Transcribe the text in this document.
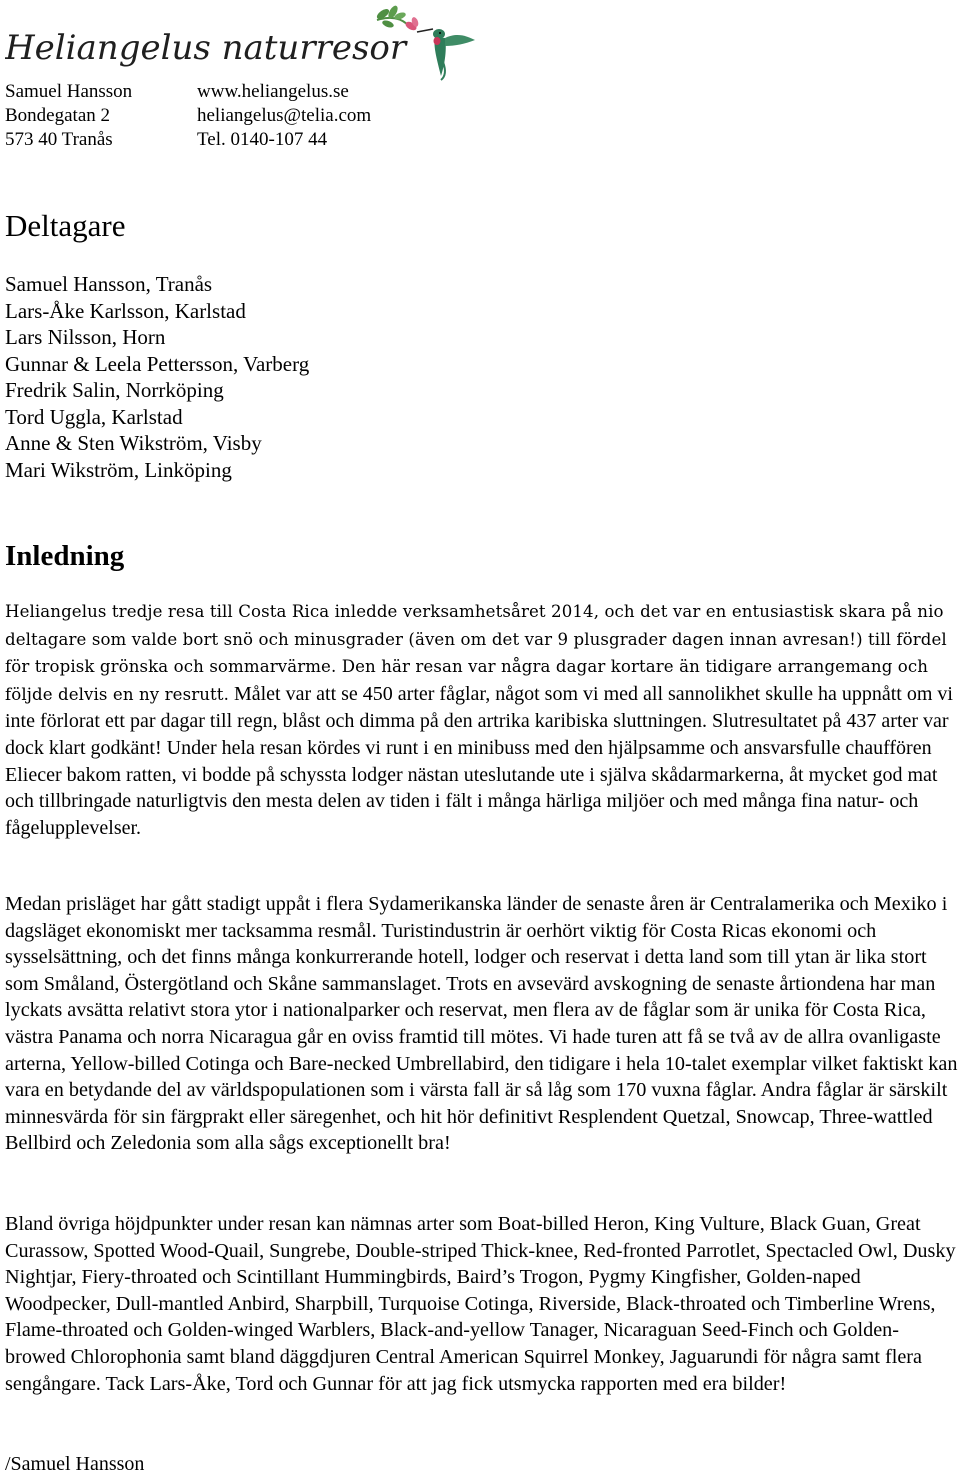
Heliangelus naturresor
Samuel Hansson	www.heliangelus.se
Bondegatan 2	heliangelus@telia.com
573 40 Tranås	Tel. 0140-107 44
Deltagare
Samuel Hansson, Tranås
Lars-Åke Karlsson, Karlstad
Lars Nilsson, Horn
Gunnar & Leela Pettersson, Varberg
Fredrik Salin, Norrköping
Tord Uggla, Karlstad
Anne & Sten Wikström, Visby
Mari Wikström, Linköping
Inledning

Heliangelus tredje resa till Costa Rica inledde verksamhetsåret 2014, och det var en entusiastisk skara på nio deltagare som valde bort snö och minusgrader (även om det var 9 plusgrader dagen innan avresan!) till fördel för tropisk grönska och sommarvärme. Den här resan var några dagar kortare än tidigare arrangemang och följde delvis en ny resrutt. Målet var att se 450 arter fåglar, något som vi med all sannolikhet skulle ha uppnått om vi inte förlorat ett par dagar till regn, blåst och dimma på den artrika karibiska sluttningen. Slutresultatet på 437 arter var dock klart godkänt! Under hela resan kördes vi runt i en minibuss med den hjälpsamme och ansvarsfulle chauffören Eliecer bakom ratten, vi bodde på schyssta lodger nästan uteslutande ute i själva skådarmarkerna, åt mycket god mat och tillbringade naturligtvis den mesta delen av tiden i fält i många härliga miljöer och med många fina natur- och fågelupplevelser.

Medan prisläget har gått stadigt uppåt i flera Sydamerikanska länder de senaste åren är Centralamerika och Mexiko i dagsläget ekonomiskt mer tacksamma resmål. Turistindustrin är oerhört viktig för Costa Ricas ekonomi och sysselsättning, och det finns många konkurrerande hotell, lodger och reservat i detta land som till ytan är lika stort som Småland, Östergötland och Skåne sammanslaget. Trots en avsevärd avskogning de senaste årtiondena har man lyckats avsätta relativt stora ytor i nationalparker och reservat, men flera av de fåglar som är unika för Costa Rica, västra Panama och norra Nicaragua går en oviss framtid till mötes. Vi hade turen att få se två av de allra ovanligaste arterna, Yellow-billed Cotinga och Bare-necked Umbrellabird, den tidigare i hela 10-talet exemplar vilket faktiskt kan vara en betydande del av världspopulationen som i värsta fall är så låg som 170 vuxna fåglar. Andra fåglar är särskilt minnesvärda för sin färgprakt eller säregenhet, och hit hör definitivt Resplendent Quetzal, Snowcap, Three-wattled Bellbird och Zeledonia som alla sågs exceptionellt bra!

Bland övriga höjdpunkter under resan kan nämnas arter som Boat-billed Heron, King Vulture, Black Guan, Great Curassow, Spotted Wood-Quail, Sungrebe, Double-striped Thick-knee, Red-fronted Parrotlet, Spectacled Owl, Dusky Nightjar, Fiery-throated och Scintillant Hummingbirds, Baird’s Trogon, Pygmy Kingfisher, Golden-naped Woodpecker, Dull-mantled Anbird, Sharpbill, Turquoise Cotinga, Riverside, Black-throated och Timberline Wrens, Flame-throated och Golden-winged Warblers, Black-and-yellow Tanager, Nicaraguan Seed-Finch och Golden-browed Chlorophonia samt bland däggdjuren Central American Squirrel Monkey, Jaguarundi för några samt flera sengångare. Tack Lars-Åke, Tord och Gunnar för att jag fick utsmycka rapporten med era bilder!

/Samuel Hansson
